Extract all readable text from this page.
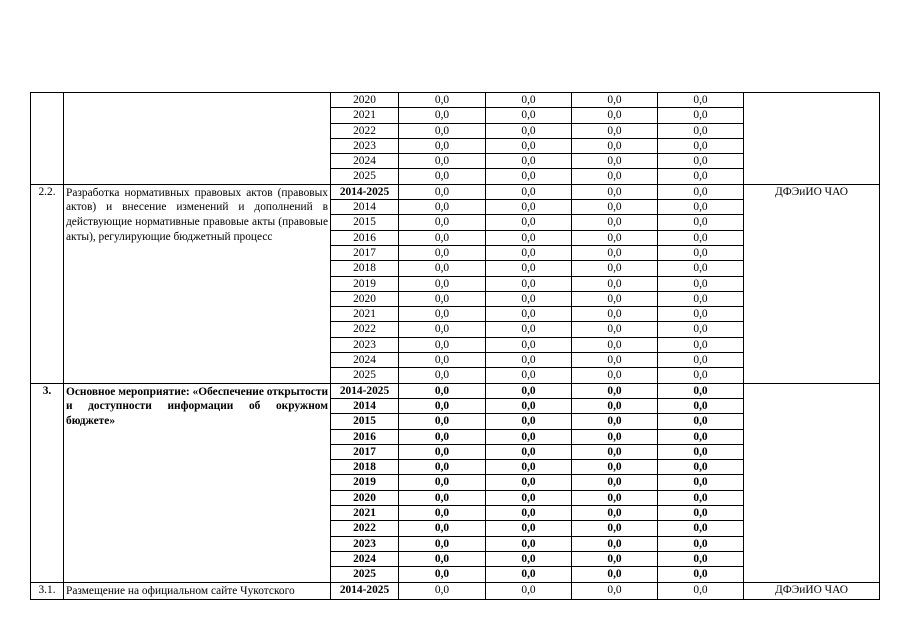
		2020	0,0	0,0	0,0	0,0	
		2021	0,0	0,0	0,0	0,0	
		2022	0,0	0,0	0,0	0,0	
		2023	0,0	0,0	0,0	0,0	
		2024	0,0	0,0	0,0	0,0	
		2025	0,0	0,0	0,0	0,0	
2.2.	Разработка нормативных правовых актов (правовых актов) и внесение изменений и дополнений в действующие нормативные правовые акты (правовые акты), регулирующие бюджетный процесс	2014-2025	0,0	0,0	0,0	0,0	ДФЭиИО ЧАО
		2014	0,0	0,0	0,0	0,0	
		2015	0,0	0,0	0,0	0,0	
		2016	0,0	0,0	0,0	0,0	
		2017	0,0	0,0	0,0	0,0	
		2018	0,0	0,0	0,0	0,0	
		2019	0,0	0,0	0,0	0,0	
		2020	0,0	0,0	0,0	0,0	
		2021	0,0	0,0	0,0	0,0	
		2022	0,0	0,0	0,0	0,0	
		2023	0,0	0,0	0,0	0,0	
		2024	0,0	0,0	0,0	0,0	
		2025	0,0	0,0	0,0	0,0	
3.	Основное мероприятие: «Обеспечение открытости и доступности информации об окружном бюджете»	2014-2025	0,0	0,0	0,0	0,0	
		2014	0,0	0,0	0,0	0,0	
		2015	0,0	0,0	0,0	0,0	
		2016	0,0	0,0	0,0	0,0	
		2017	0,0	0,0	0,0	0,0	
		2018	0,0	0,0	0,0	0,0	
		2019	0,0	0,0	0,0	0,0	
		2020	0,0	0,0	0,0	0,0	
		2021	0,0	0,0	0,0	0,0	
		2022	0,0	0,0	0,0	0,0	
		2023	0,0	0,0	0,0	0,0	
		2024	0,0	0,0	0,0	0,0	
		2025	0,0	0,0	0,0	0,0	
3.1.	Размещение на официальном сайте Чукотского	2014-2025	0,0	0,0	0,0	0,0	ДФЭиИО ЧАО
